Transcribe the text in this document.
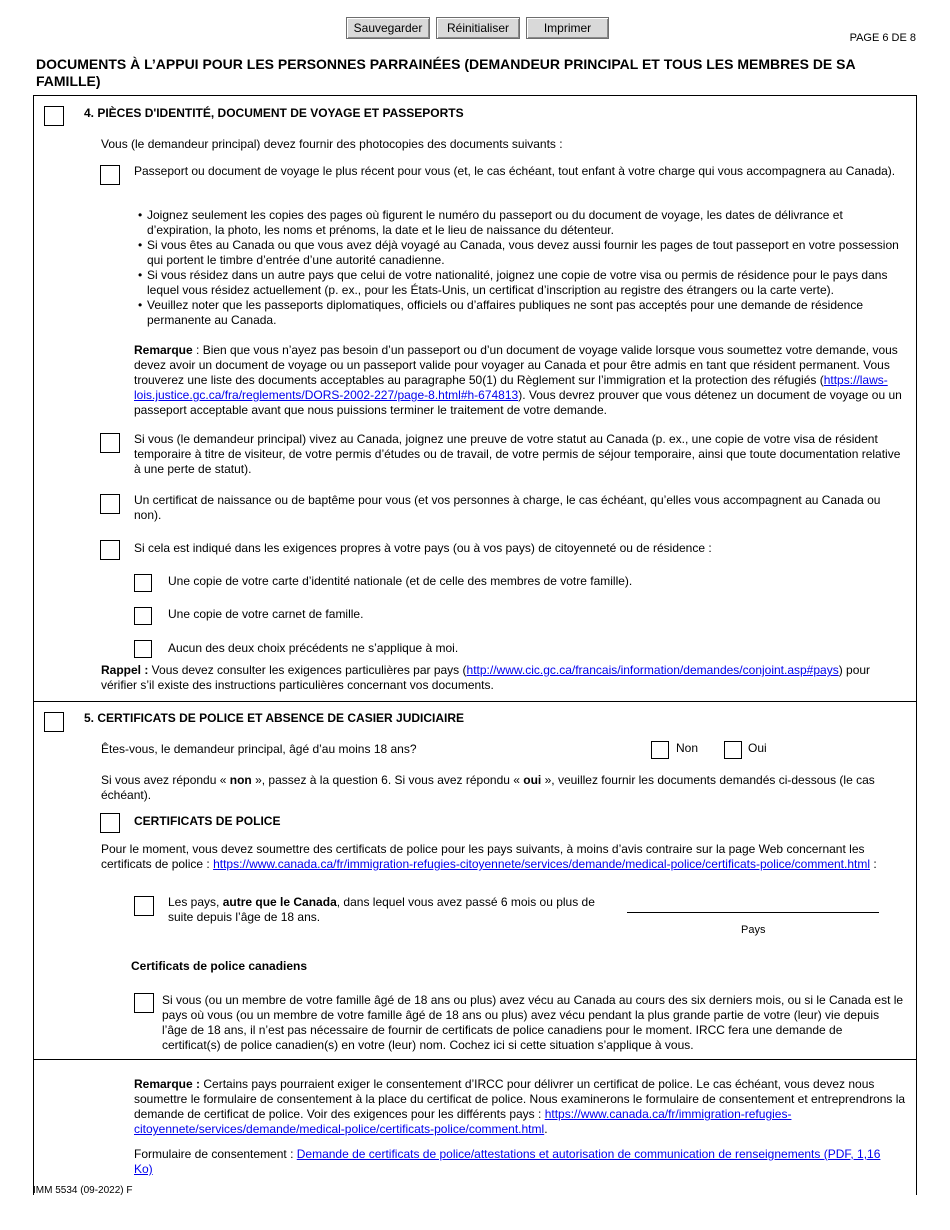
Sauvegarder	Réinitialiser	Imprimer
PAGE 6 DE 8
DOCUMENTS À L’APPUI POUR LES PERSONNES PARRAINÉES (DEMANDEUR PRINCIPAL ET TOUS LES MEMBRES DE SA FAMILLE)
4. PIÈCES D'IDENTITÉ, DOCUMENT DE VOYAGE ET PASSEPORTS
Vous (le demandeur principal) devez fournir des photocopies des documents suivants :
Passeport ou document de voyage le plus récent pour vous (et, le cas échéant, tout enfant à votre charge qui vous accompagnera au Canada).
• Joignez seulement les copies des pages où figurent le numéro du passeport ou du document de voyage, les dates de délivrance et d’expiration, la photo, les noms et prénoms, la date et le lieu de naissance du détenteur.
• Si vous êtes au Canada ou que vous avez déjà voyagé au Canada, vous devez aussi fournir les pages de tout passeport en votre possession qui portent le timbre d’entrée d’une autorité canadienne.
• Si vous résidez dans un autre pays que celui de votre nationalité, joignez une copie de votre visa ou permis de résidence pour le pays dans lequel vous résidez actuellement (p. ex., pour les États-Unis, un certificat d’inscription au registre des étrangers ou la carte verte).
• Veuillez noter que les passeports diplomatiques, officiels ou d’affaires publiques ne sont pas acceptés pour une demande de résidence permanente au Canada.
Remarque : Bien que vous n’ayez pas besoin d’un passeport ou d’un document de voyage valide lorsque vous soumettez votre demande, vous devez avoir un document de voyage ou un passeport valide pour voyager au Canada et pour être admis en tant que résident permanent. Vous trouverez une liste des documents acceptables au paragraphe 50(1) du Règlement sur l’immigration et la protection des réfugiés (https://laws-lois.justice.gc.ca/fra/reglements/DORS-2002-227/page-8.html#h-674813). Vous devrez prouver que vous détenez un document de voyage ou un passeport acceptable avant que nous puissions terminer le traitement de votre demande.
Si vous (le demandeur principal) vivez au Canada, joignez une preuve de votre statut au Canada (p. ex., une copie de votre visa de résident temporaire à titre de visiteur, de votre permis d’études ou de travail, de votre permis de séjour temporaire, ainsi que toute documentation relative à une perte de statut).
Un certificat de naissance ou de baptême pour vous (et vos personnes à charge, le cas échéant, qu’elles vous accompagnent au Canada ou non).
Si cela est indiqué dans les exigences propres à votre pays (ou à vos pays) de citoyenneté ou de résidence :
Une copie de votre carte d’identité nationale (et de celle des membres de votre famille).
Une copie de votre carnet de famille.
Aucun des deux choix précédents ne s’applique à moi.
Rappel : Vous devez consulter les exigences particulières par pays (http://www.cic.gc.ca/francais/information/demandes/conjoint.asp#pays) pour vérifier s’il existe des instructions particulières concernant vos documents.
5. CERTIFICATS DE POLICE ET ABSENCE DE CASIER JUDICIAIRE
Êtes-vous, le demandeur principal, âgé d’au moins 18 ans?	Non	Oui
Si vous avez répondu « non », passez à la question 6. Si vous avez répondu « oui », veuillez fournir les documents demandés ci-dessous (le cas échéant).
CERTIFICATS DE POLICE
Pour le moment, vous devez soumettre des certificats de police pour les pays suivants, à moins d’avis contraire sur la page Web concernant les certificats de police : https://www.canada.ca/fr/immigration-refugies-citoyennete/services/demande/medical-police/certificats-police/comment.html :
Les pays, autre que le Canada, dans lequel vous avez passé 6 mois ou plus de suite depuis l’âge de 18 ans.
Pays
Certificats de police canadiens
Si vous (ou un membre de votre famille âgé de 18 ans ou plus) avez vécu au Canada au cours des six derniers mois, ou si le Canada est le pays où vous (ou un membre de votre famille âgé de 18 ans ou plus) avez vécu pendant la plus grande partie de votre (leur) vie depuis l’âge de 18 ans, il n’est pas nécessaire de fournir de certificats de police canadiens pour le moment. IRCC fera une demande de certificat(s) de police canadien(s) en votre (leur) nom. Cochez ici si cette situation s’applique à vous.
Remarque : Certains pays pourraient exiger le consentement d’IRCC pour délivrer un certificat de police. Le cas échéant, vous devez nous soumettre le formulaire de consentement à la place du certificat de police. Nous examinerons le formulaire de consentement et entreprendrons la demande de certificat de police. Voir des exigences pour les différents pays : https://www.canada.ca/fr/immigration-refugies-citoyennete/services/demande/medical-police/certificats-police/comment.html.
Formulaire de consentement : Demande de certificats de police/attestations et autorisation de communication de renseignements (PDF, 1,16 Ko)
IMM 5534 (09-2022) F
